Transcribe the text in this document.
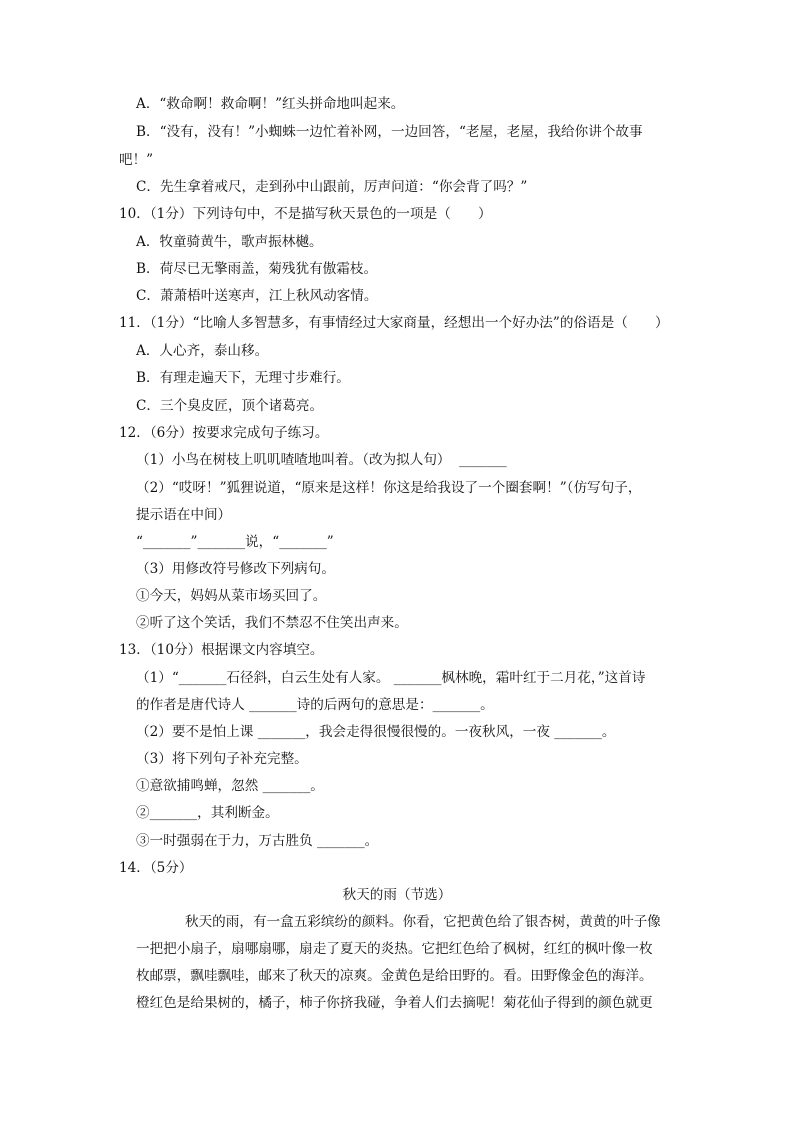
A．“救命啊！救命啊！”红头拼命地叫起来。
B．“没有，没有！”小蜘蛛一边忙着补网，一边回答，“老屋，老屋，我给你讲个故事
吧！”
C．先生拿着戒尺，走到孙中山跟前，厉声问道：“你会背了吗？”
10．（1分）下列诗句中，不是描写秋天景色的一项是（　　）
A．牧童骑黄牛，歌声振林樾。
B．荷尽已无擎雨盖，菊残犹有傲霜枝。
C．萧萧梧叶送寒声，江上秋风动客情。
11．（1分）“比喻人多智慧多，有事情经过大家商量，经想出一个好办法”的俗语是（　　）
A．人心齐，泰山移。
B．有理走遍天下，无理寸步难行。
C．三个臭皮匠，顶个诸葛亮。
12．（6分）按要求完成句子练习。
（1）小鸟在树枝上叽叽喳喳地叫着。（改为拟人句）  _______
（2）“哎呀！”狐狸说道，“原来是这样！你这是给我设了一个圈套啊！”（仿写句子，
提示语在中间）
“_______”_______说，“_______”
（3）用修改符号修改下列病句。
①今天，妈妈从菜市场买回了。
②听了这个笑话，我们不禁忍不住笑出声来。
13．（10分）根据课文内容填空。
（1）“_______石径斜，白云生处有人家。 _______枫林晚，霜叶红于二月花，”这首诗
的作者是唐代诗人 _______诗的后两句的意思是：_______。
（2）要不是怕上课 _______，我会走得很慢很慢的。一夜秋风，一夜 _______。
（3）将下列句子补充完整。
①意欲捕鸣蝉，忽然 _______。
②_______，其利断金。
③一时强弱在于力，万古胜负 _______。
14．（5分）
秋天的雨（节选）
秋天的雨，有一盒五彩缤纷的颜料。你看，它把黄色给了银杏树，黄黄的叶子像
一把把小扇子，扇哪扇哪，扇走了夏天的炎热。它把红色给了枫树，红红的枫叶像一枚
枚邮票，飘哇飘哇，邮来了秋天的凉爽。金黄色是给田野的。看。田野像金色的海洋。
橙红色是给果树的，橘子，柿子你挤我碰，争着人们去摘呢！菊花仙子得到的颜色就更
